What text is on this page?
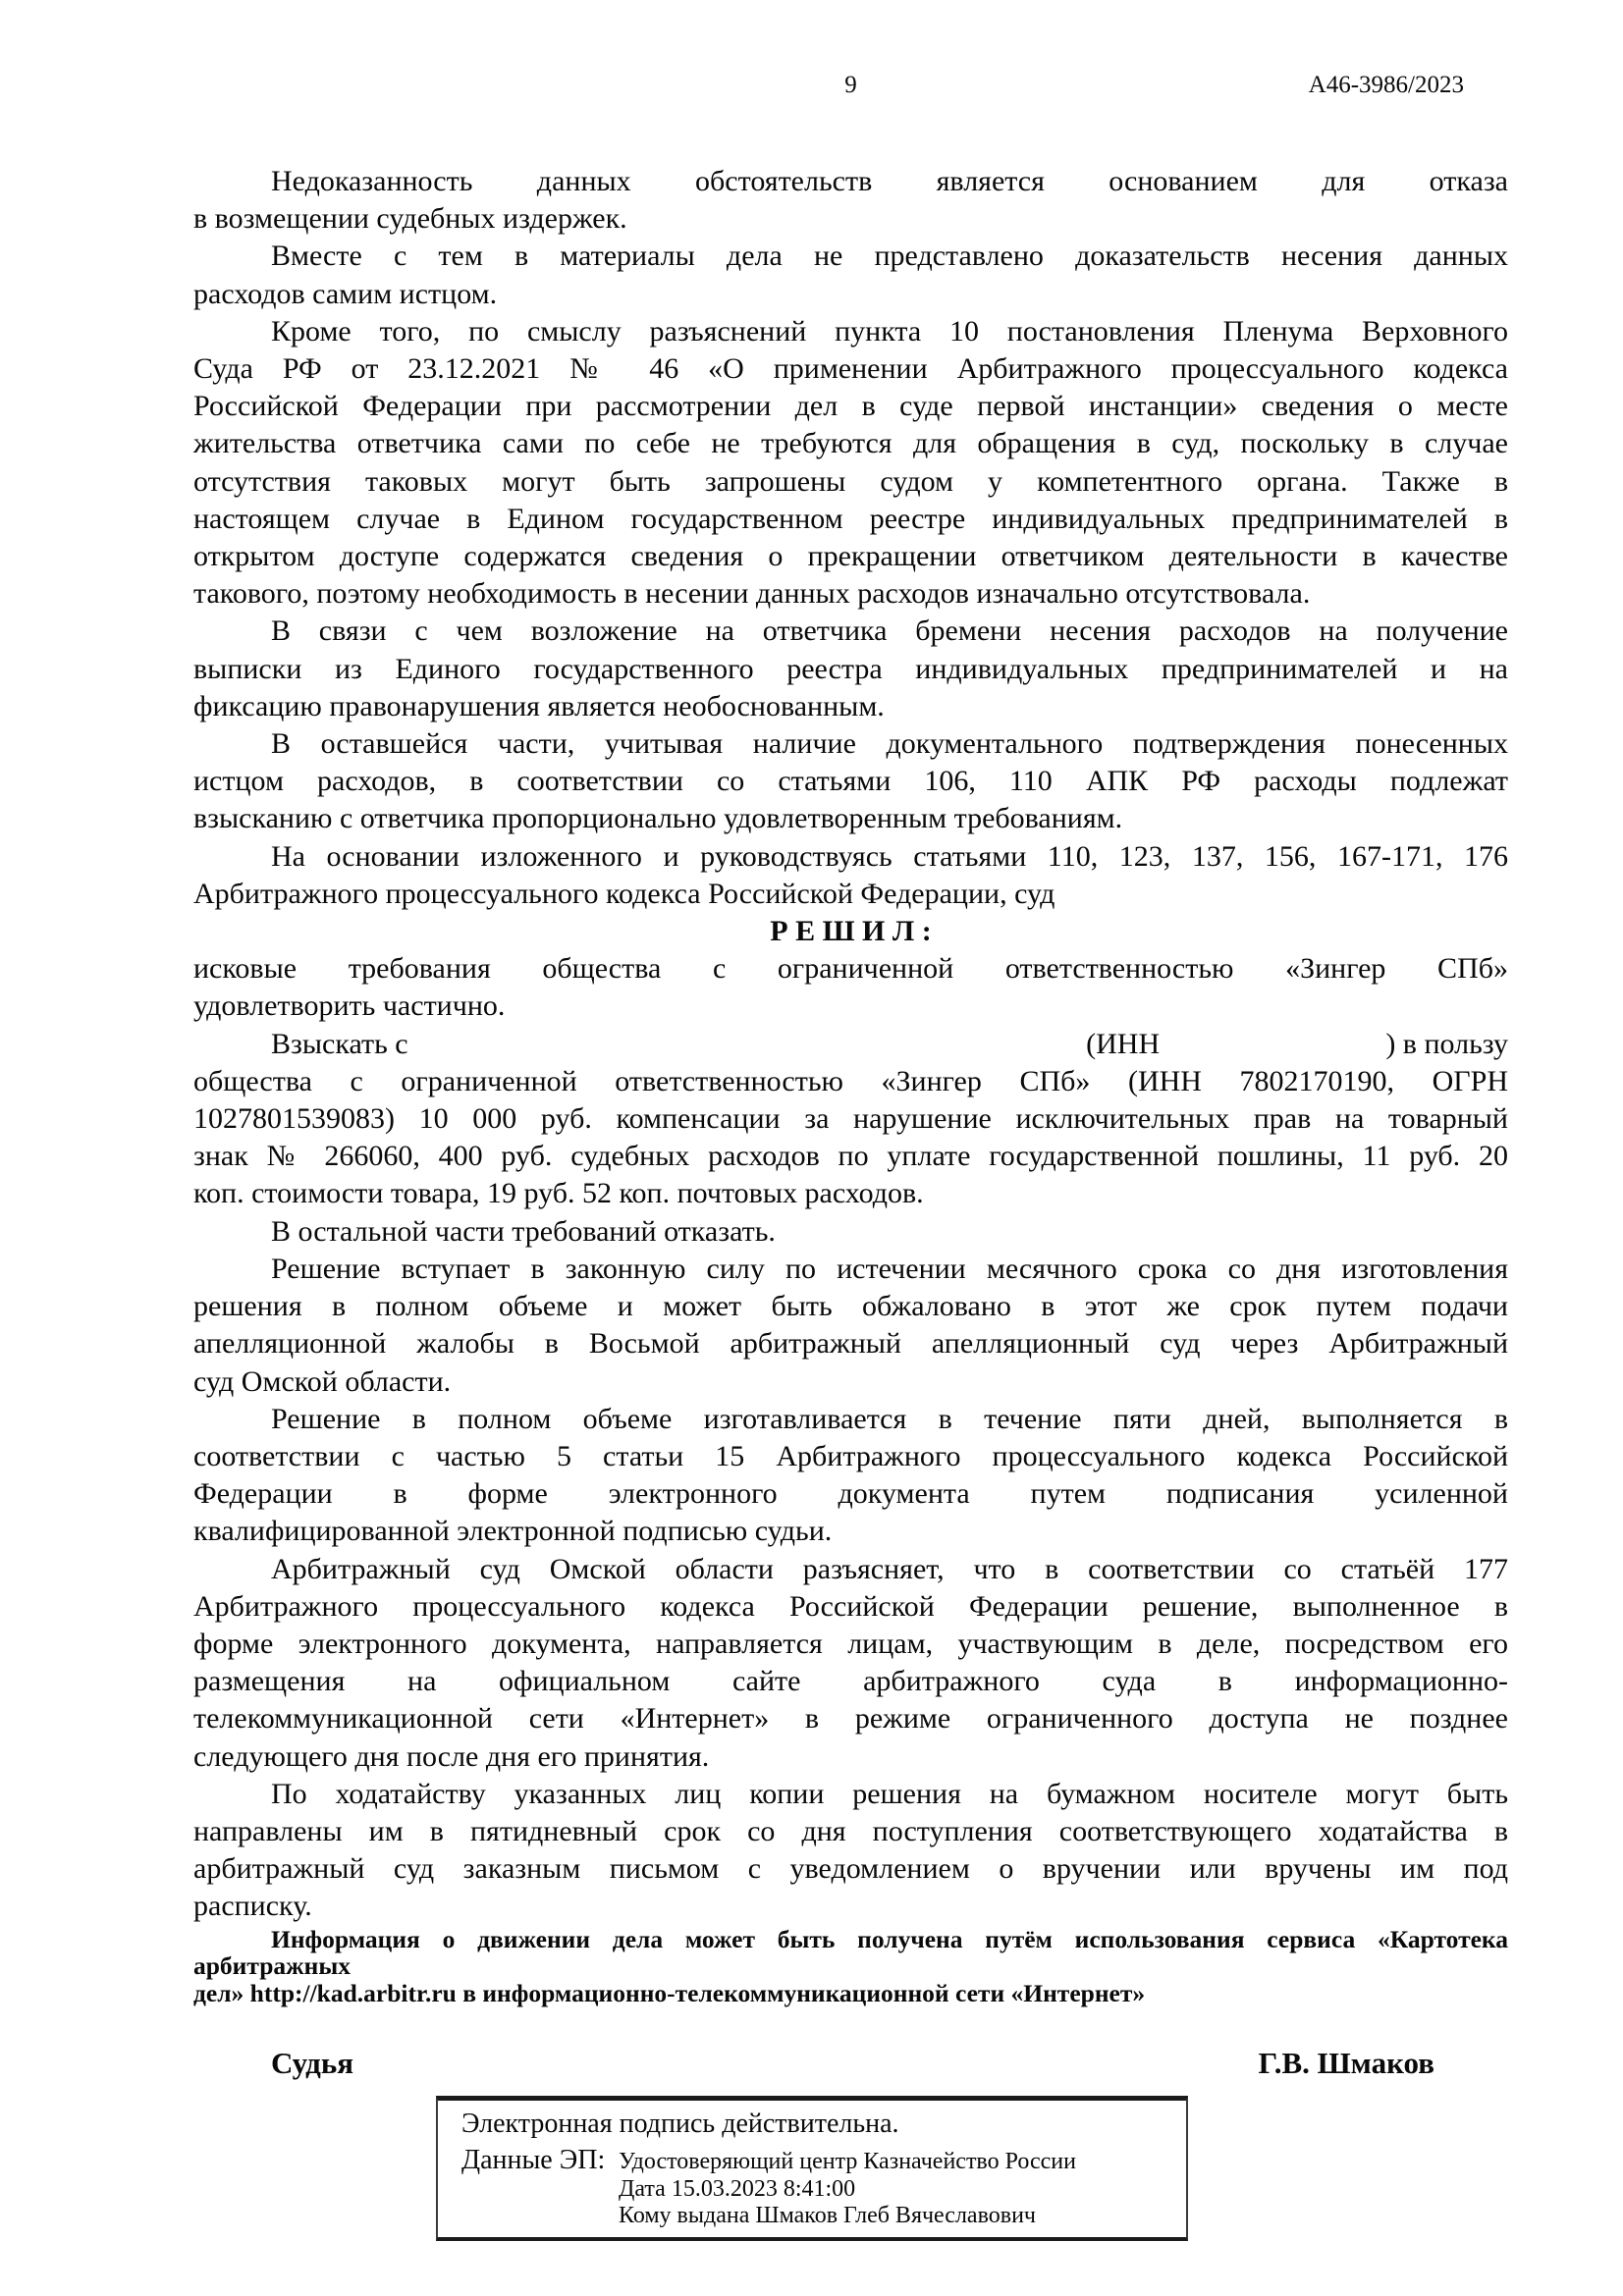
9	А46-3986/2023
Недоказанность данных обстоятельств является основанием для отказа
в возмещении судебных издержек.
Вместе с тем в материалы дела не представлено доказательств несения данных
расходов самим истцом.
Кроме того, по смыслу разъяснений пункта 10 постановления Пленума Верховного
Суда РФ от 23.12.2021 № 46 «О применении Арбитражного процессуального кодекса
Российской Федерации при рассмотрении дел в суде первой инстанции» сведения о месте
жительства ответчика сами по себе не требуются для обращения в суд, поскольку в случае
отсутствия таковых могут быть запрошены судом у компетентного органа. Также в
настоящем случае в Едином государственном реестре индивидуальных предпринимателей в
открытом доступе содержатся сведения о прекращении ответчиком деятельности в качестве
такового, поэтому необходимость в несении данных расходов изначально отсутствовала.
В связи с чем возложение на ответчика бремени несения расходов на получение
выписки из Единого государственного реестра индивидуальных предпринимателей и на
фиксацию правонарушения является необоснованным.
В оставшейся части, учитывая наличие документального подтверждения понесенных
истцом расходов, в соответствии со статьями 106, 110 АПК РФ расходы подлежат
взысканию с ответчика пропорционально удовлетворенным требованиям.
На основании изложенного и руководствуясь статьями 110, 123, 137, 156, 167-171, 176
Арбитражного процессуального кодекса Российской Федерации, суд
Р Е Ш И Л :
исковые требования общества с ограниченной ответственностью «Зингер СПб»
удовлетворить частично.
Взыскать с	(ИНН	) в пользу
общества с ограниченной ответственностью «Зингер СПб» (ИНН 7802170190, ОГРН
1027801539083) 10 000 руб. компенсации за нарушение исключительных прав на товарный
знак № 266060, 400 руб. судебных расходов по уплате государственной пошлины, 11 руб. 20
коп. стоимости товара, 19 руб. 52 коп. почтовых расходов.
В остальной части требований отказать.
Решение вступает в законную силу по истечении месячного срока со дня изготовления
решения в полном объеме и может быть обжаловано в этот же срок путем подачи
апелляционной жалобы в Восьмой арбитражный апелляционный суд через Арбитражный
суд Омской области.
Решение в полном объеме изготавливается в течение пяти дней, выполняется в
соответствии с частью 5 статьи 15 Арбитражного процессуального кодекса Российской
Федерации в форме электронного документа путем подписания усиленной
квалифицированной электронной подписью судьи.
Арбитражный суд Омской области разъясняет, что в соответствии со статьёй 177
Арбитражного процессуального кодекса Российской Федерации решение, выполненное в
форме электронного документа, направляется лицам, участвующим в деле, посредством его
размещения на официальном сайте арбитражного суда в информационно-
телекоммуникационной сети «Интернет» в режиме ограниченного доступа не позднее
следующего дня после дня его принятия.
По ходатайству указанных лиц копии решения на бумажном носителе могут быть
направлены им в пятидневный срок со дня поступления соответствующего ходатайства в
арбитражный суд заказным письмом с уведомлением о вручении или вручены им под
расписку.
Информация о движении дела может быть получена путём использования сервиса «Картотека арбитражных
дел» http://kad.arbitr.ru в информационно-телекоммуникационной сети «Интернет»
Судья	Г.В. Шмаков
Электронная подпись действительна.
Данные ЭП: Удостоверяющий центр Казначейство России
Дата 15.03.2023 8:41:00
Кому выдана Шмаков Глеб Вячеславович
